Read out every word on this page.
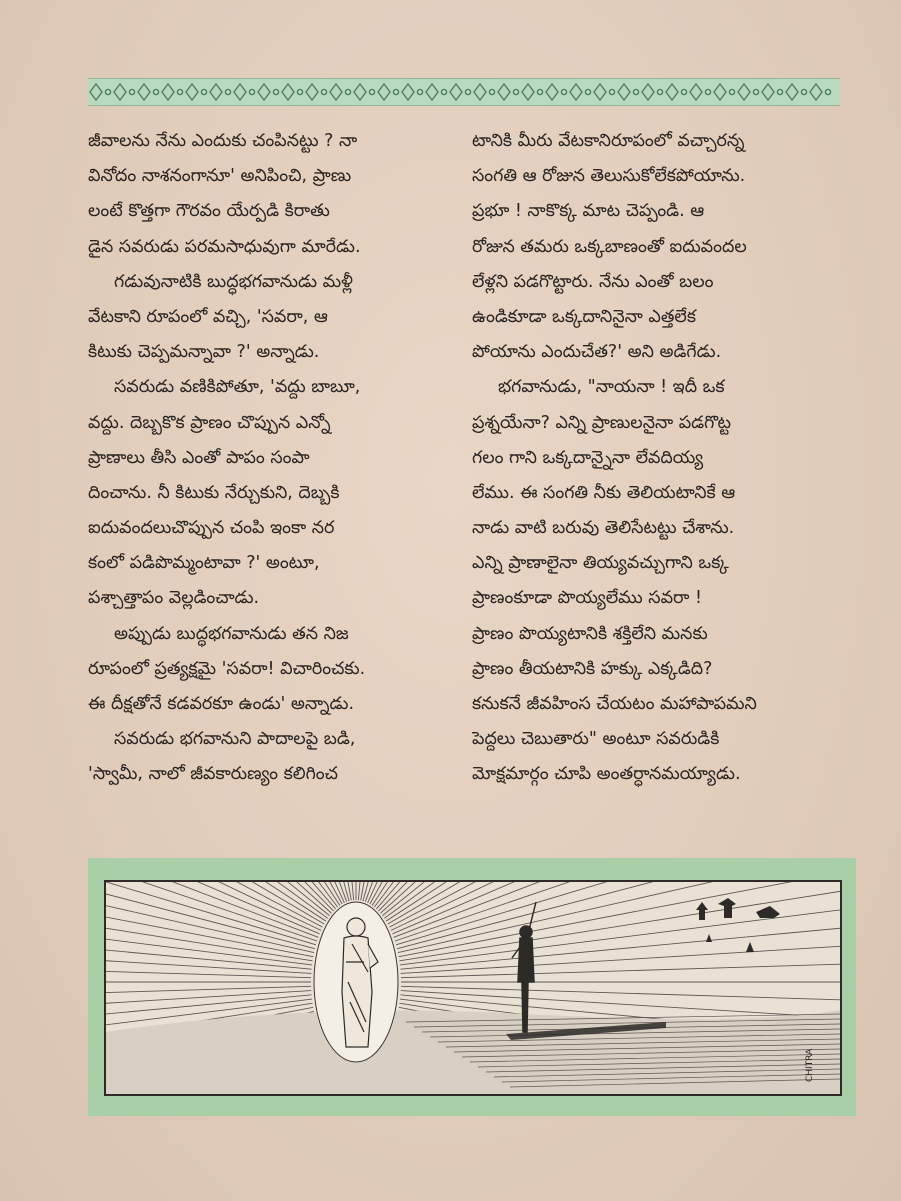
జీవాలను నేను ఎందుకు చంపినట్టు ? నా
వినోదం నాశనంగానూ' అనిపించి, ప్రాణు
లంటే కొత్తగా గౌరవం యేర్పడి కిరాతు
డైన సవరుడు పరమసాధువుగా మారేడు.
గడువునాటికి బుద్ధభగవానుడు మళ్లీ
వేటకాని రూపంలో వచ్చి, 'సవరా, ఆ
కిటుకు చెప్పమన్నావా ?' అన్నాడు.
సవరుడు వణికిపోతూ, 'వద్దు బాబూ,
వద్దు. దెబ్బకొక ప్రాణం చొప్పున ఎన్నో
ప్రాణాలు తీసి ఎంతో పాపం సంపా
దించాను. నీ కిటుకు నేర్చుకుని, దెబ్బకి
ఐదువందలుచొప్పున చంపి ఇంకా నర
కంలో పడిపొమ్మంటావా ?' అంటూ,
పశ్చాత్తాపం వెల్లడించాడు.
అప్పుడు బుద్ధభగవానుడు తన నిజ
రూపంలో ప్రత్యక్షమై 'సవరా! విచారించకు.
ఈ దీక్షతోనే కడవరకూ ఉండు' అన్నాడు.
సవరుడు భగవానుని పాదాలపై బడి,
'స్వామీ, నాలో జీవకారుణ్యం కలిగించ
టానికి మీరు వేటకానిరూపంలో వచ్చారన్న
సంగతి ఆ రోజున తెలుసుకోలేకపోయాను.
ప్రభూ ! నాకొక్క మాట చెప్పండి. ఆ
రోజున తమరు ఒక్కబాణంతో ఐదువందల
లేళ్లని పడగొట్టారు. నేను ఎంతో బలం
ఉండికూడా ఒక్కదానినైనా ఎత్తలేక
పోయాను ఎందుచేత?' అని అడిగేడు.
భగవానుడు, "నాయనా ! ఇదీ ఒక
ప్రశ్నయేనా? ఎన్ని ప్రాణులనైనా పడగొట్ట
గలం గాని ఒక్కదాన్నైనా లేవదియ్య
లేము. ఈ సంగతి నీకు తెలియటానికే ఆ
నాడు వాటి బరువు తెలిసేటట్టు చేశాను.
ఎన్ని ప్రాణాలైనా తియ్యవచ్చుగాని ఒక్క
ప్రాణంకూడా పొయ్యలేము సవరా !
ప్రాణం పొయ్యటానికి శక్తిలేని మనకు
ప్రాణం తీయటానికి హక్కు ఎక్కడిది?
కనుకనే జీవహింస చేయటం మహాపాపమని
పెద్దలు చెబుతారు" అంటూ సవరుడికి
మోక్షమార్గం చూపి అంతర్ధానమయ్యాడు.
CHITRA
